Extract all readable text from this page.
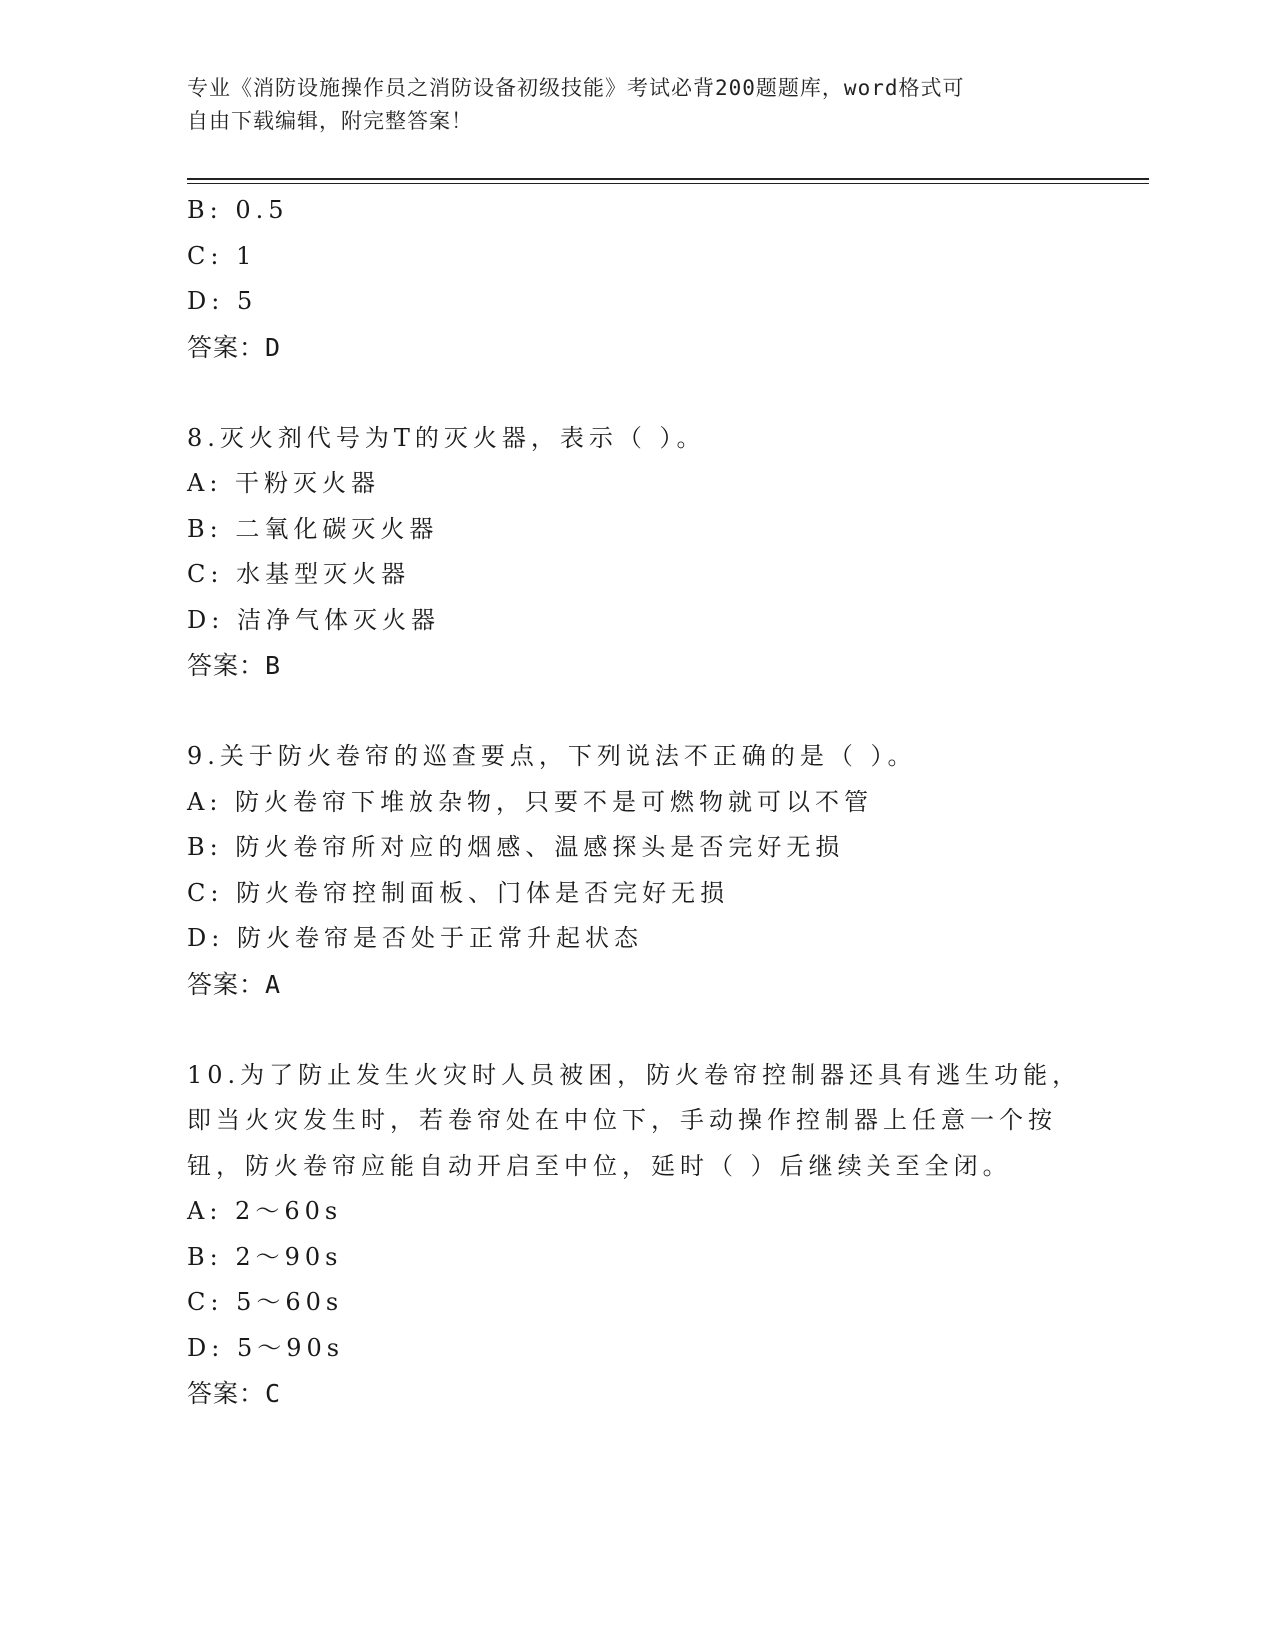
专业《消防设施操作员之消防设备初级技能》考试必背200题题库，word格式可
自由下载编辑，附完整答案！
B: 0.5
C: 1
D: 5
答案：D
8.灭火剂代号为T的灭火器，表示（ ）。
A: 干粉灭火器
B: 二氧化碳灭火器
C: 水基型灭火器
D: 洁净气体灭火器
答案：B
9.关于防火卷帘的巡查要点，下列说法不正确的是（ ）。
A: 防火卷帘下堆放杂物，只要不是可燃物就可以不管
B: 防火卷帘所对应的烟感、温感探头是否完好无损
C: 防火卷帘控制面板、门体是否完好无损
D: 防火卷帘是否处于正常升起状态
答案：A
10.为了防止发生火灾时人员被困，防火卷帘控制器还具有逃生功能，
即当火灾发生时，若卷帘处在中位下，手动操作控制器上任意一个按
钮，防火卷帘应能自动开启至中位，延时（ ）后继续关至全闭。
A: 2～60s
B: 2～90s
C: 5～60s
D: 5～90s
答案：C
